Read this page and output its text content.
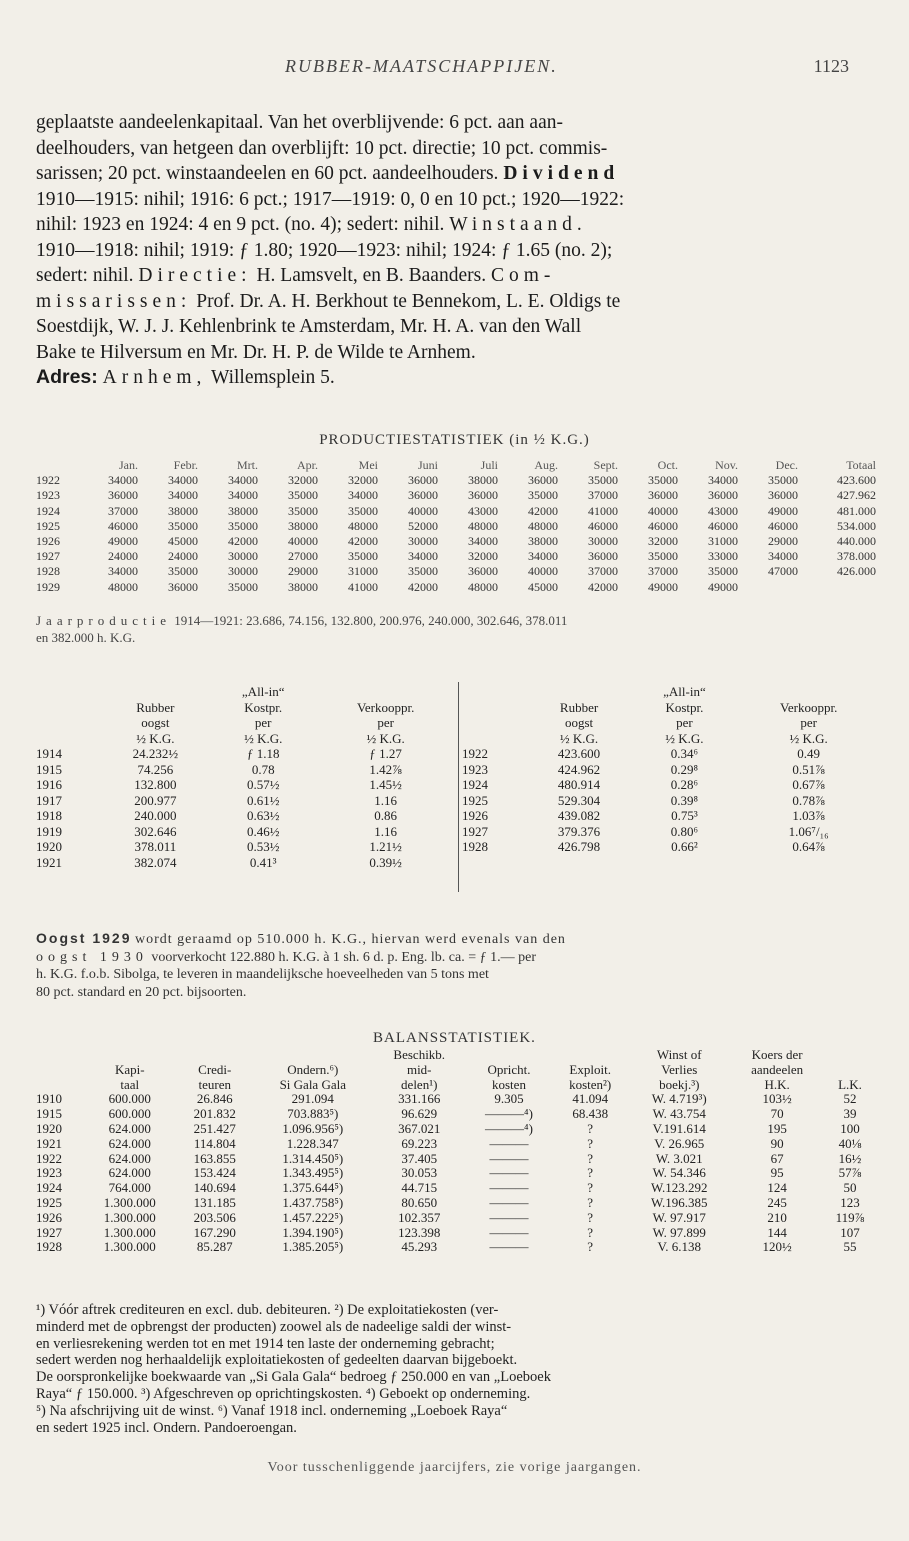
RUBBER-MAATSCHAPPIJEN.	1123

geplaatste aandeelenkapitaal. Van het overblijvende: 6 pct. aan aan-

deelhouders, van hetgeen dan overblijft: 10 pct. directie; 10 pct. commis-

sarissen; 20 pct. winstaandeelen en 60 pct. aandeelhouders. Dividend

1910—1915: nihil; 1916: 6 pct.; 1917—1919: 0, 0 en 10 pct.; 1920—1922:

nihil: 1923 en 1924: 4 en 9 pct. (no. 4); sedert: nihil. Winstaand.

1910—1918: nihil; 1919: ƒ 1.80; 1920—1923: nihil; 1924: ƒ 1.65 (no. 2);

sedert: nihil. Directie: H. Lamsvelt, en B. Baanders. Com-

missarissen: Prof. Dr. A. H. Berkhout te Bennekom, L. E. Oldigs te

Soestdijk, W. J. J. Kehlenbrink te Amsterdam, Mr. H. A. van den Wall

Bake te Hilversum en Mr. Dr. H. P. de Wilde te Arnhem.

Adres: Arnhem, Willemsplein 5.

PRODUCTIESTATISTIEK (in ½ K.G.)
	Jan.	Febr.	Mrt.	Apr.	Mei	Juni	Juli	Aug.	Sept.	Oct.	Nov.	Dec.	Totaal
1922	34000	34000	34000	32000	32000	36000	38000	36000	35000	35000	34000	35000	423.600
1923	36000	34000	34000	35000	34000	36000	36000	35000	37000	36000	36000	36000	427.962
1924	37000	38000	38000	35000	35000	40000	43000	42000	41000	40000	43000	49000	481.000
1925	46000	35000	35000	38000	48000	52000	48000	48000	46000	46000	46000	46000	534.000
1926	49000	45000	42000	40000	42000	30000	34000	38000	30000	32000	31000	29000	440.000
1927	24000	24000	30000	27000	35000	34000	32000	34000	36000	35000	33000	34000	378.000
1928	34000	35000	30000	29000	31000	35000	36000	40000	37000	37000	35000	47000	426.000
1929	48000	36000	35000	38000	41000	42000	48000	45000	42000	49000	49000		
Jaarproductie 1914—1921: 23.686, 74.156, 132.800, 200.976, 240.000, 302.646, 378.011
en 382.000 h. K.G.
		„All-in“	
	Rubber	Kostpr.	Verkooppr.
	oogst	per	per
	½ K.G.	½ K.G.	½ K.G.
1914	24.232½	ƒ 1.18	ƒ 1.27
1915	74.256	0.78	1.42⅞
1916	132.800	0.57½	1.45½
1917	200.977	0.61½	1.16
1918	240.000	0.63½	0.86
1919	302.646	0.46½	1.16
1920	378.011	0.53½	1.21½
1921	382.074	0.41³	0.39½
		„All-in“	
	Rubber	Kostpr.	Verkooppr.
	oogst	per	per
	½ K.G.	½ K.G.	½ K.G.
1922	423.600	0.34⁶	0.49
1923	424.962	0.29⁸	0.51⅞
1924	480.914	0.28⁶	0.67⅞
1925	529.304	0.39⁸	0.78⅞
1926	439.082	0.75³	1.03⅞
1927	379.376	0.80⁶	1.06⁷/₁₆
1928	426.798	0.66²	0.64⅞

Oogst 1929 wordt geraamd op 510.000 h. K.G., hiervan werd evenals van den

oogst 1930 voorverkocht 122.880 h. K.G. à 1 sh. 6 d. p. Eng. lb. ca. = ƒ 1.— per

h. K.G. f.o.b. Sibolga, te leveren in maandelijksche hoeveelheden van 5 tons met

80 pct. standard en 20 pct. bijsoorten.

BALANSSTATISTIEK.
				Beschikb.			Winst of	Koers der	
	Kapi-	Credi-	Ondern.⁶)	mid-	Opricht.	Exploit.	Verlies	aandeelen	
	taal	teuren	Si Gala Gala	delen¹)	kosten	kosten²)	boekj.³)	H.K.	L.K.
1910	600.000	26.846	291.094	331.166	9.305	41.094	W. 4.719³)	103½	52
1915	600.000	201.832	703.883⁵)	96.629	———⁴)	68.438	W. 43.754	70	39
1920	624.000	251.427	1.096.956⁵)	367.021	———⁴)	?	V.191.614	195	100
1921	624.000	114.804	1.228.347	69.223	———	?	V. 26.965	90	40⅛
1922	624.000	163.855	1.314.450⁵)	37.405	———	?	W. 3.021	67	16½
1923	624.000	153.424	1.343.495⁵)	30.053	———	?	W. 54.346	95	57⅞
1924	764.000	140.694	1.375.644⁵)	44.715	———	?	W.123.292	124	50
1925	1.300.000	131.185	1.437.758⁵)	80.650	———	?	W.196.385	245	123
1926	1.300.000	203.506	1.457.222⁵)	102.357	———	?	W. 97.917	210	119⅞
1927	1.300.000	167.290	1.394.190⁵)	123.398	———	?	W. 97.899	144	107
1928	1.300.000	85.287	1.385.205⁵)	45.293	———	?	V. 6.138	120½	55

¹) Vóór aftrek crediteuren en excl. dub. debiteuren. ²) De exploitatiekosten (ver-

minderd met de opbrengst der producten) zoowel als de nadeelige saldi der winst-

en verliesrekening werden tot en met 1914 ten laste der onderneming gebracht;

sedert werden nog herhaaldelijk exploitatiekosten of gedeelten daarvan bijgeboekt.

De oorspronkelijke boekwaarde van „Si Gala Gala“ bedroeg ƒ 250.000 en van „Loeboek

Raya“ ƒ 150.000. ³) Afgeschreven op oprichtingskosten. ⁴) Geboekt op onderneming.

⁵) Na afschrijving uit de winst. ⁶) Vanaf 1918 incl. onderneming „Loeboek Raya“

en sedert 1925 incl. Ondern. Pandoeroengan.

Voor tusschenliggende jaarcijfers, zie vorige jaargangen.
